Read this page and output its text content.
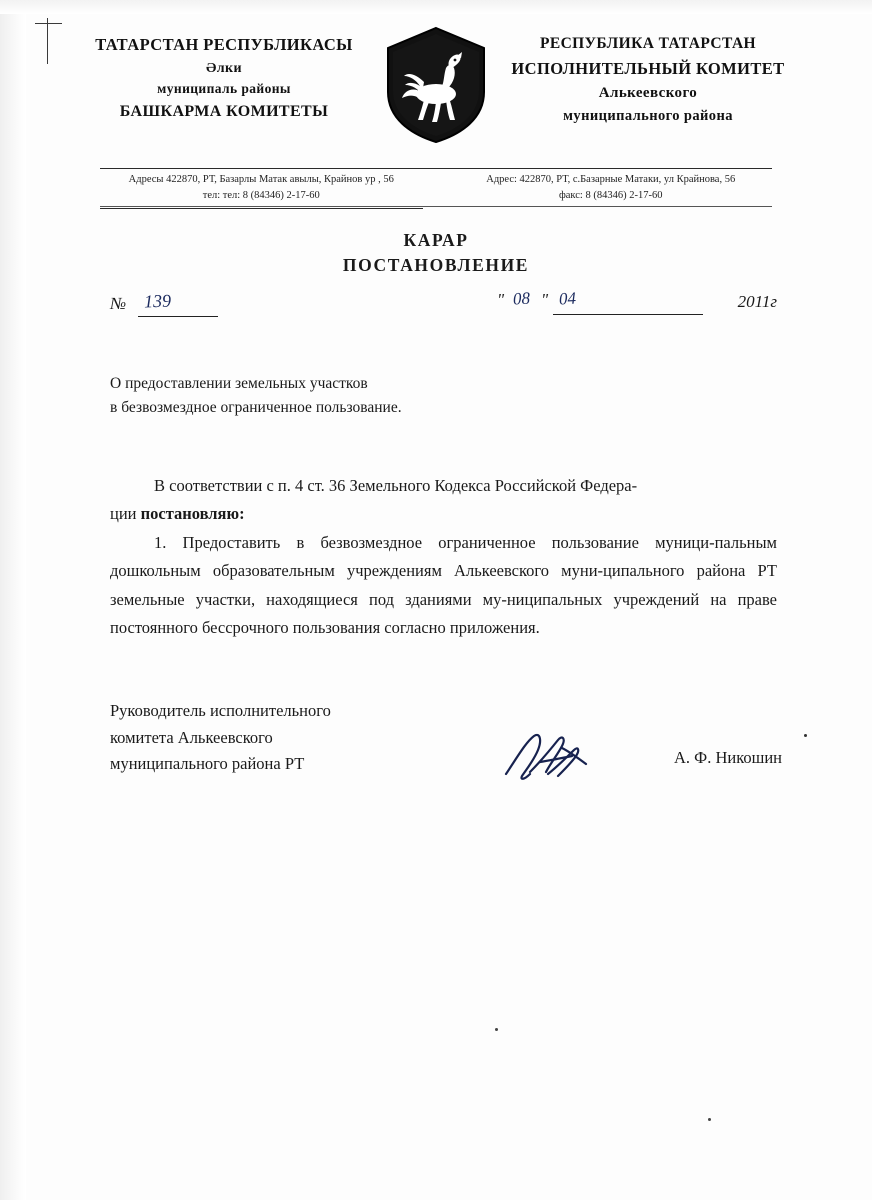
ТАТАРСТАН РЕСПУБЛИКАСЫ
Әлки
муниципаль районы
БАШКАРМА КОМИТЕТЫ
РЕСПУБЛИКА ТАТАРСТАН
ИСПОЛНИТЕЛЬНЫЙ КОМИТЕТ
Алькеевского
муниципального района
Адресы 422870, РТ, Базарлы Матак авылы, Крайнов ур , 56
тел: тел: 8 (84346) 2-17-60
Адрес: 422870, РТ, с.Базарные Матаки, ул Крайнова, 56
факс: 8 (84346) 2-17-60
КАРАР
ПОСТАНОВЛЕНИЕ
№ 139	" 08 " 04	2011г
О предоставлении земельных участков
в безвозмездное ограниченное пользование.

В соответствии с п. 4 ст. 36 Земельного Кодекса Российской Федера-

ции постановляю:

1. Предоставить в безвозмездное ограниченное пользование муници-пальным дошкольным образовательным учреждениям Алькеевского муни-ципального района РТ земельные участки, находящиеся под зданиями му-ниципальных учреждений на праве постоянного бессрочного пользования согласно приложения.

Руководитель исполнительного
комитета Алькеевского
муниципального района РТ	А. Ф. Никошин
